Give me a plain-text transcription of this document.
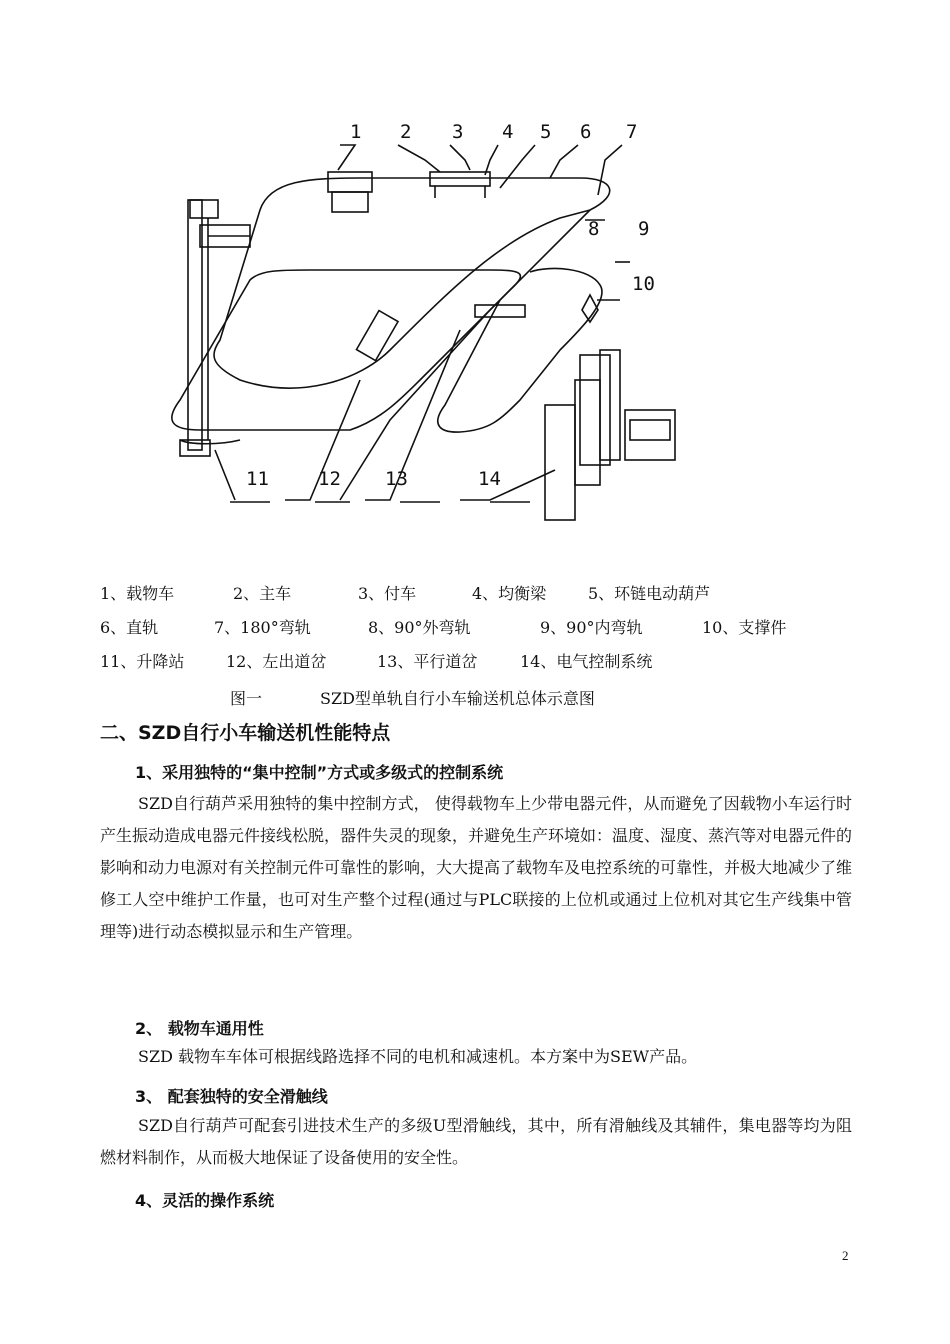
1 2 3 4 5 6 7
8 9
10
11	12 13	14
1、载物车	2、主车	3、付车	4、均衡梁	5、环链电动葫芦
6、直轨	7、180°弯轨	8、90°外弯轨	9、90°内弯轨	10、支撑件
11、升降站	12、左出道岔	13、平行道岔	14、电气控制系统
图一	SZD型单轨自行小车输送机总体示意图
二、SZD自行小车输送机性能特点
1、采用独特的“集中控制”方式或多级式的控制系统

SZD自行葫芦采用独特的集中控制方式， 使得载物车上少带电器元件，从而避免了因载物小车运行时产生振动造成电器元件接线松脱，器件失灵的现象，并避免生产环境如：温度、湿度、蒸汽等对电器元件的影响和动力电源对有关控制元件可靠性的影响，大大提高了载物车及电控系统的可靠性，并极大地减少了维修工人空中维护工作量，也可对生产整个过程(通过与PLC联接的上位机或通过上位机对其它生产线集中管理等)进行动态模拟显示和生产管理。

2、 载物车通用性

SZD 载物车车体可根据线路选择不同的电机和减速机。本方案中为SEW产品。

3、 配套独特的安全滑触线

SZD自行葫芦可配套引进技术生产的多级U型滑触线，其中，所有滑触线及其辅件，集电器等均为阻燃材料制作，从而极大地保证了设备使用的安全性。

4、灵活的操作系统
2
